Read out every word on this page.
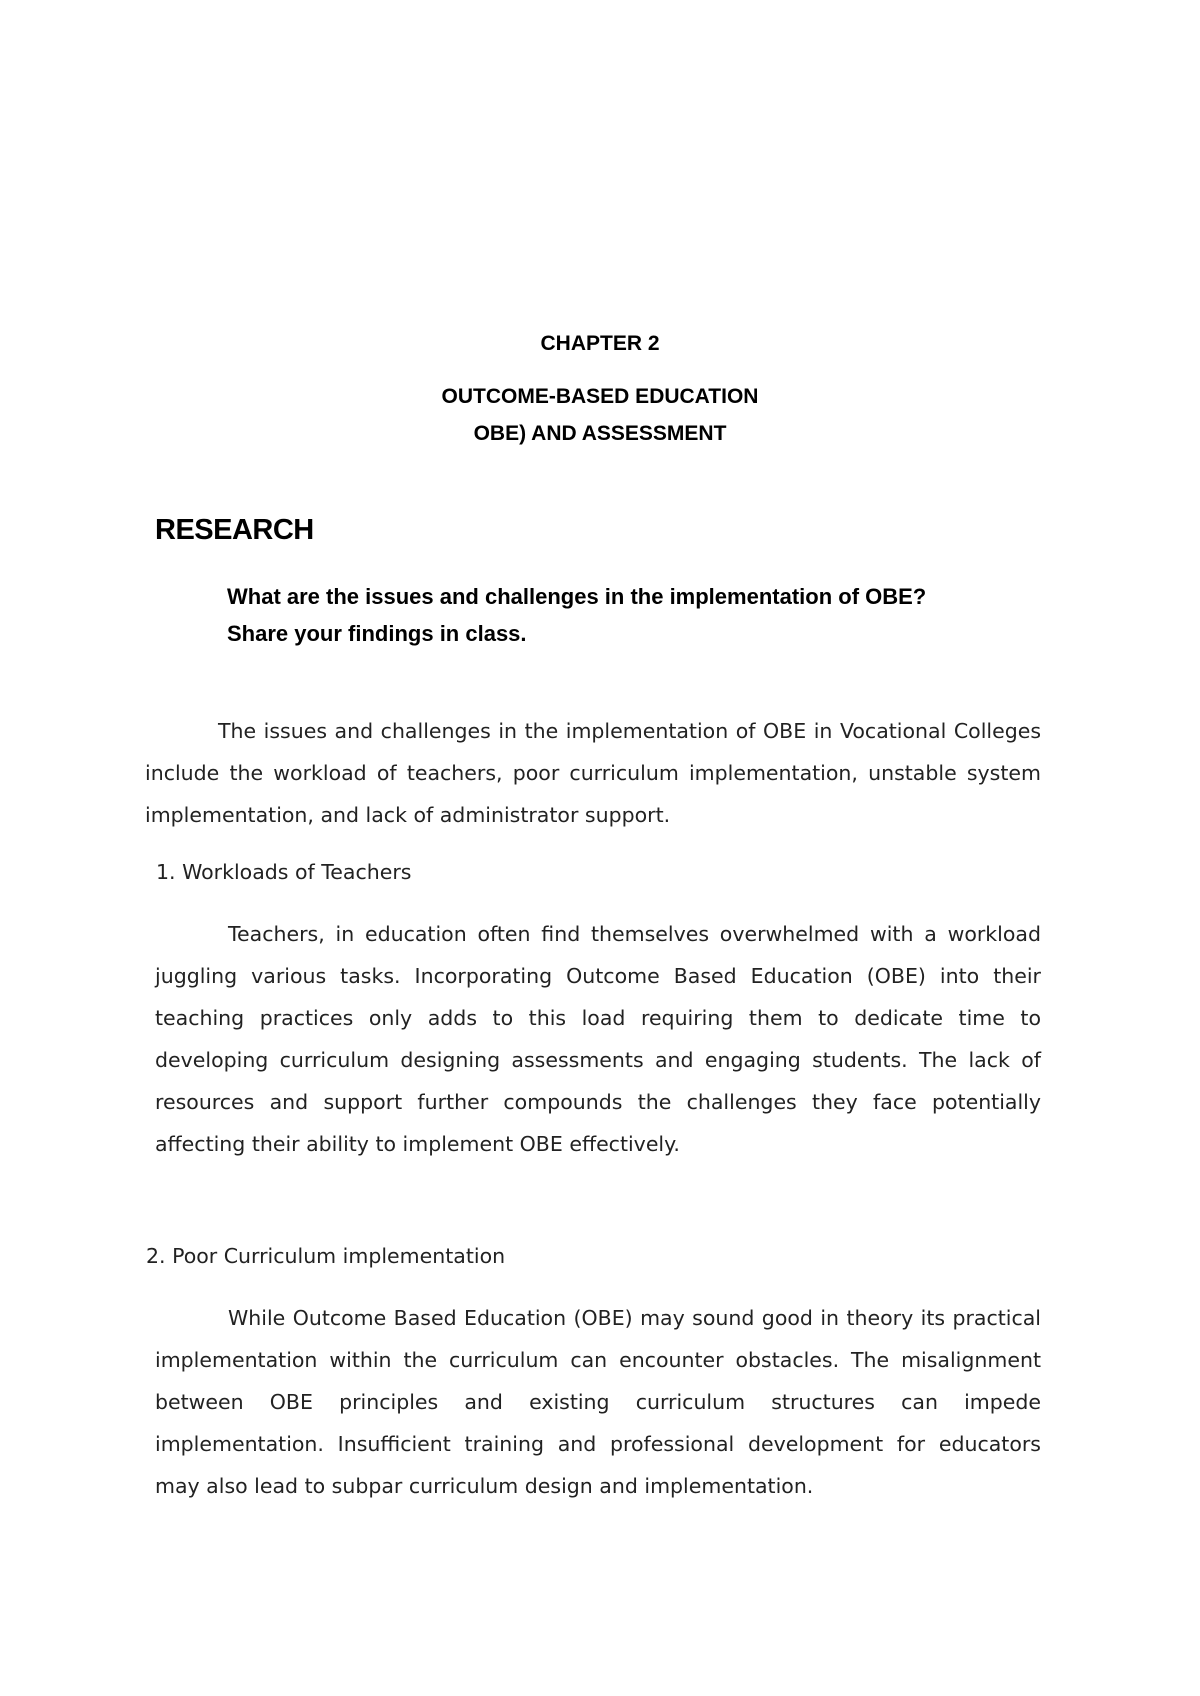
CHAPTER 2
OUTCOME-BASED EDUCATION
OBE) AND ASSESSMENT
RESEARCH
What are the issues and challenges in the implementation of OBE? Share your findings in class.

The issues and challenges in the implementation of OBE in Vocational Colleges include the workload of teachers, poor curriculum implementation, unstable system implementation, and lack of administrator support.

1. Workloads of Teachers

Teachers, in education often find themselves overwhelmed with a workload juggling various tasks. Incorporating Outcome Based Education (OBE) into their teaching practices only adds to this load requiring them to dedicate time to developing curriculum designing assessments and engaging students. The lack of resources and support further compounds the challenges they face potentially affecting their ability to implement OBE effectively.

2. Poor Curriculum implementation

While Outcome Based Education (OBE) may sound good in theory its practical implementation within the curriculum can encounter obstacles. The misalignment between OBE principles and existing curriculum structures can impede implementation. Insufficient training and professional development for educators may also lead to subpar curriculum design and implementation.
